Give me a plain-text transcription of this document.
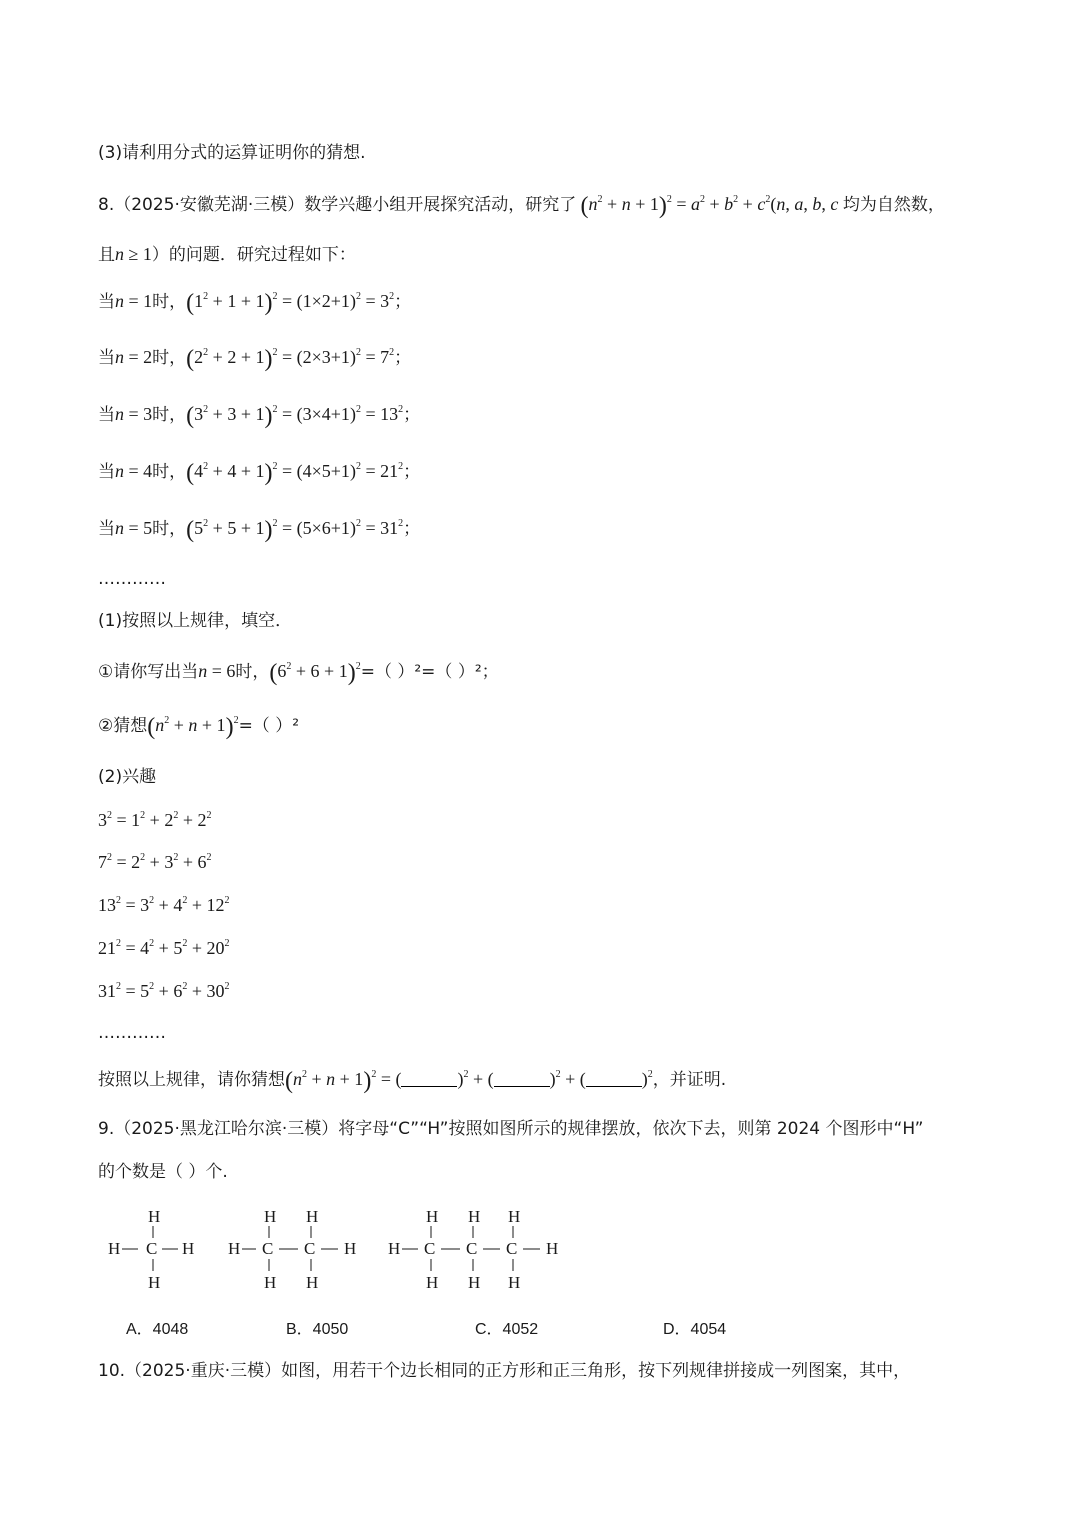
(3)请利用分式的运算证明你的猜想.
8.（2025·安徽芜湖·三模）数学兴趣小组开展探究活动，研究了 $(n^2 + n + 1)^2 = a^2 + b^2 + c^2(n$, a, b, c 均为自然数，
且n ≥ 1）的问题．研究过程如下：
当n = 1时，$(1^2 + 1 + 1)^2 = (1\times 2+1)^2 = 3^2$；
当n = 2时，$(2^2 + 2 + 1)^2 = (2\times 3+1)^2 = 7^2$；
当n = 3时，$(3^2 + 3 + 1)^2 = (3\times 4+1)^2 = 13^2$；
当n = 4时，$(4^2 + 4 + 1)^2 = (4\times 5+1)^2 = 21^2$；
当n = 5时，$(5^2 + 5 + 1)^2 = (5\times 6+1)^2 = 31^2$；
…………
(1)按照以上规律，填空．
①请你写出当n = 6时，$(6^2 + 6 + 1)^2=$（ ）²=（ ）²；
②猜想$(n^2 + n + 1)^2=$（ ）²
(2)兴趣
$3^2 = 1^2 + 2^2 + 2^2$
$7^2 = 2^2 + 3^2 + 6^2$
$13^2 = 3^2 + 4^2 + 12^2$
$21^2 = 4^2 + 5^2 + 20^2$
$31^2 = 5^2 + 6^2 + 30^2$
…………
按照以上规律，请你猜想$(n^2 + n + 1)^2$ = (	)$^2$ + (	)$^2$ + (	)$^2$，并证明.
9.（2025·黑龙江哈尔滨·三模）将字母“C”“H”按照如图所示的规律摆放，依次下去，则第 2024 个图形中“H”
的个数是（ ）个.
H
H C H
H
H H
H C C H
H H
H H H
H C C C H
H H H
A．4048	B．4050	C．4052	D．4054
10.（2025·重庆·三模）如图，用若干个边长相同的正方形和正三角形，按下列规律拼接成一列图案，其中，
